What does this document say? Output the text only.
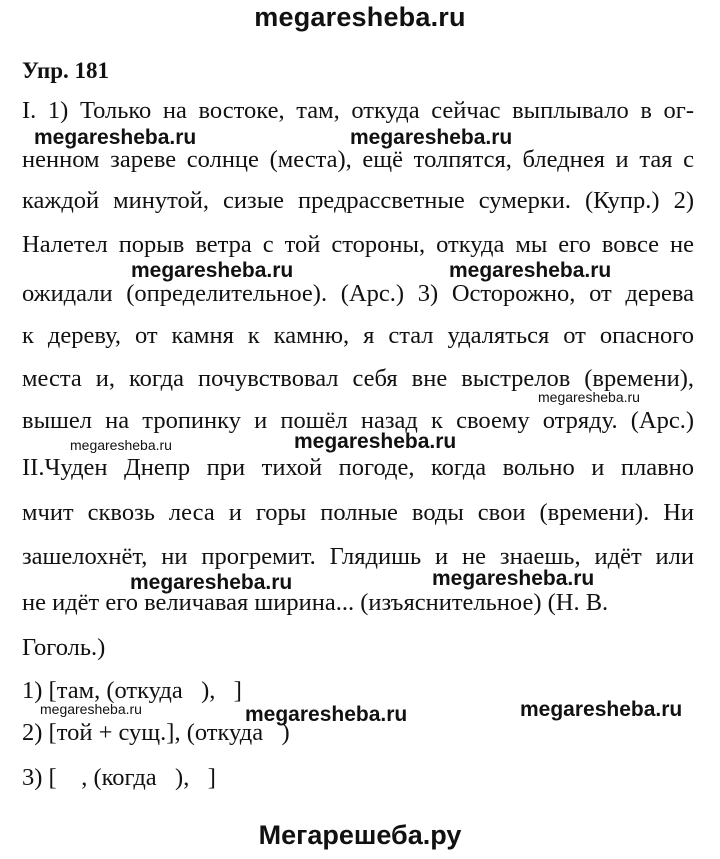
megaresheba.ru
Упр. 181
I. 1) Только на востоке, там, откуда сейчас выплывало в ог-
ненном зареве солнце (места), ещё толпятся, бледнея и тая с
каждой минутой, сизые предрассветные сумерки. (Купр.) 2)
Налетел порыв ветра с той стороны, откуда мы его вовсе не
ожидали (определительное). (Арс.) 3) Осторожно, от дерева
к дереву, от камня к камню, я стал удаляться от опасного
места и, когда почувствовал себя вне выстрелов (времени),
вышел на тропинку и пошёл назад к своему отряду. (Арс.)
II.Чуден Днепр при тихой погоде, когда вольно и плавно
мчит сквозь леса и горы полные воды свои (времени). Ни
зашелохнёт, ни прогремит. Глядишь и не знаешь, идёт или
не идёт его величавая ширина... (изъяснительное) (Н. В.
Гоголь.)
1) [там, (откуда   ),   ]
2) [той + сущ.], (откуда   )
3) [    , (когда   ),   ]
megaresheba.ru	megaresheba.ru
megaresheba.ru	megaresheba.ru
megaresheba.ru
megaresheba.ru	megaresheba.ru
megaresheba.ru	megaresheba.ru
megaresheba.ru	megaresheba.ru	megaresheba.ru
Мегарешеба.ру
